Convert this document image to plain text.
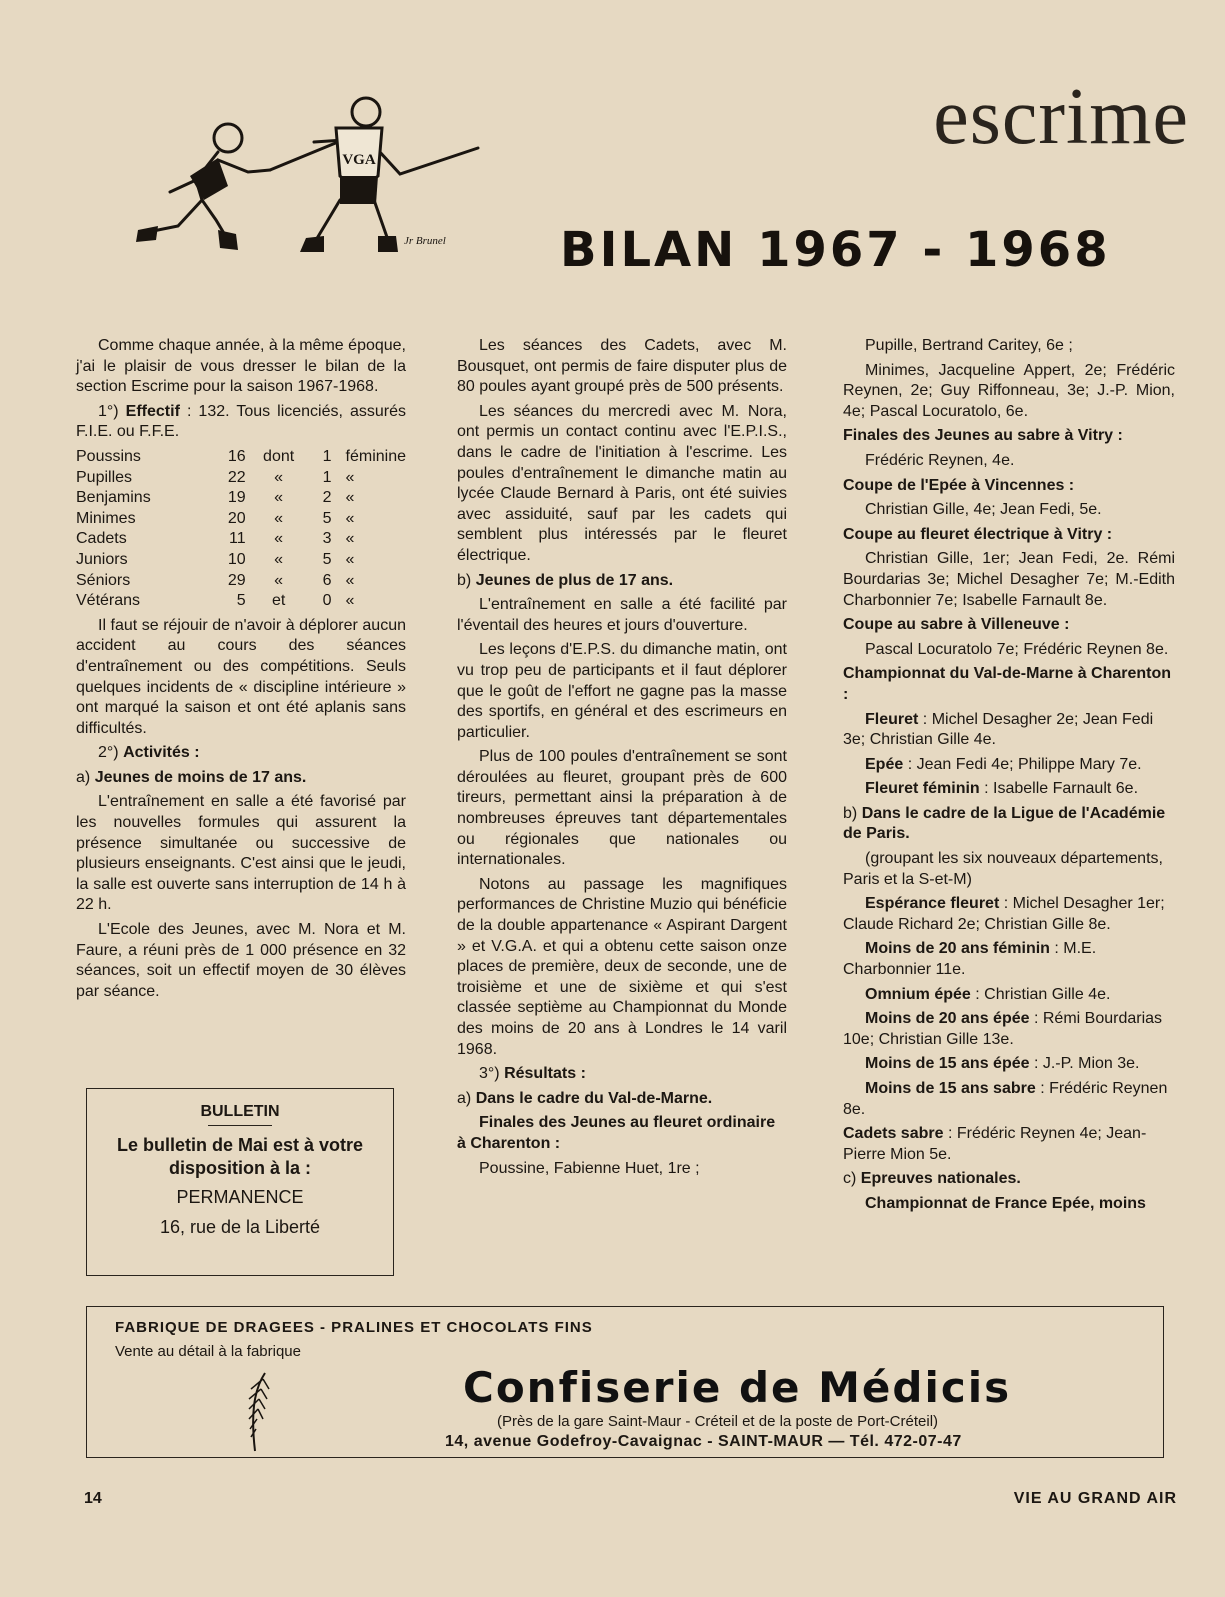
VGA
Jr Brunel
escrime
BILAN 1967 - 1968

Comme chaque année, à la même époque, j'ai le plaisir de vous dresser le bilan de la section Escrime pour la saison 1967-1968.

1°) Effectif : 132. Tous licenciés, assurés F.I.E. ou F.F.E.

Poussins	16	dont	1	féminine
Pupilles	22	«	1	«
Benjamins	19	«	2	«
Minimes	20	«	5	«
Cadets	11	«	3	«
Juniors	10	«	5	«
Séniors	29	«	6	«
Vétérans	5	et	0	«

Il faut se réjouir de n'avoir à déplorer aucun accident au cours des séances d'entraînement ou des compétitions. Seuls quelques incidents de « discipline intérieure » ont marqué la saison et ont été aplanis sans difficultés.

2°) Activités :

a) Jeunes de moins de 17 ans.

L'entraînement en salle a été favorisé par les nouvelles formules qui assurent la présence simultanée ou successive de plusieurs enseignants. C'est ainsi que le jeudi, la salle est ouverte sans interruption de 14 h à 22 h.

L'Ecole des Jeunes, avec M. Nora et M. Faure, a réuni près de 1 000 présence en 32 séances, soit un effectif moyen de 30 élèves par séance.

BULLETIN
Le bulletin de Mai est à votre disposition à la :
PERMANENCE
16, rue de la Liberté

Les séances des Cadets, avec M. Bousquet, ont permis de faire disputer plus de 80 poules ayant groupé près de 500 présents.

Les séances du mercredi avec M. Nora, ont permis un contact continu avec l'E.P.I.S., dans le cadre de l'initiation à l'escrime. Les poules d'entraînement le dimanche matin au lycée Claude Bernard à Paris, ont été suivies avec assiduité, sauf par les cadets qui semblent plus intéressés par le fleuret électrique.

b) Jeunes de plus de 17 ans.

L'entraînement en salle a été facilité par l'éventail des heures et jours d'ouverture.

Les leçons d'E.P.S. du dimanche matin, ont vu trop peu de participants et il faut déplorer que le goût de l'effort ne gagne pas la masse des sportifs, en général et des escrimeurs en particulier.

Plus de 100 poules d'entraînement se sont déroulées au fleuret, groupant près de 600 tireurs, permettant ainsi la préparation à de nombreuses épreuves tant départementales ou régionales que nationales ou internationales.

Notons au passage les magnifiques performances de Christine Muzio qui bénéficie de la double appartenance « Aspirant Dargent » et V.G.A. et qui a obtenu cette saison onze places de première, deux de seconde, une de troisième et une de sixième et qui s'est classée septième au Championnat du Monde des moins de 20 ans à Londres le 14 varil 1968.

3°) Résultats :

a) Dans le cadre du Val-de-Marne.

Finales des Jeunes au fleuret ordinaire à Charenton :

Poussine, Fabienne Huet, 1re ;

Pupille, Bertrand Caritey, 6e ;

Minimes, Jacqueline Appert, 2e; Frédéric Reynen, 2e; Guy Riffonneau, 3e; J.-P. Mion, 4e; Pascal Locuratolo, 6e.

Finales des Jeunes au sabre à Vitry :

Frédéric Reynen, 4e.

Coupe de l'Epée à Vincennes :

Christian Gille, 4e; Jean Fedi, 5e.

Coupe au fleuret électrique à Vitry :

Christian Gille, 1er; Jean Fedi, 2e. Rémi Bourdarias 3e; Michel Desagher 7e; M.-Edith Charbonnier 7e; Isabelle Farnault 8e.

Coupe au sabre à Villeneuve :

Pascal Locuratolo 7e; Frédéric Reynen 8e.

Championnat du Val-de-Marne à Charenton :

Fleuret : Michel Desagher 2e; Jean Fedi 3e; Christian Gille 4e.

Epée : Jean Fedi 4e; Philippe Mary 7e.

Fleuret féminin : Isabelle Farnault 6e.

b) Dans le cadre de la Ligue de l'Académie de Paris.

(groupant les six nouveaux départements, Paris et la S-et-M)

Espérance fleuret : Michel Desagher 1er; Claude Richard 2e; Christian Gille 8e.

Moins de 20 ans féminin : M.E. Charbonnier 11e.

Omnium épée : Christian Gille 4e.

Moins de 20 ans épée : Rémi Bourdarias 10e; Christian Gille 13e.

Moins de 15 ans épée : J.-P. Mion 3e.

Moins de 15 ans sabre : Frédéric Reynen 8e.

Cadets sabre : Frédéric Reynen 4e; Jean-Pierre Mion 5e.

c) Epreuves nationales.

Championnat de France Epée, moins

FABRIQUE DE DRAGEES - PRALINES ET CHOCOLATS FINS
Vente au détail à la fabrique
Confiserie de Médicis
(Près de la gare Saint-Maur - Créteil et de la poste de Port-Créteil)
14, avenue Godefroy-Cavaignac - SAINT-MAUR — Tél. 472-07-47
14	VIE AU GRAND AIR
